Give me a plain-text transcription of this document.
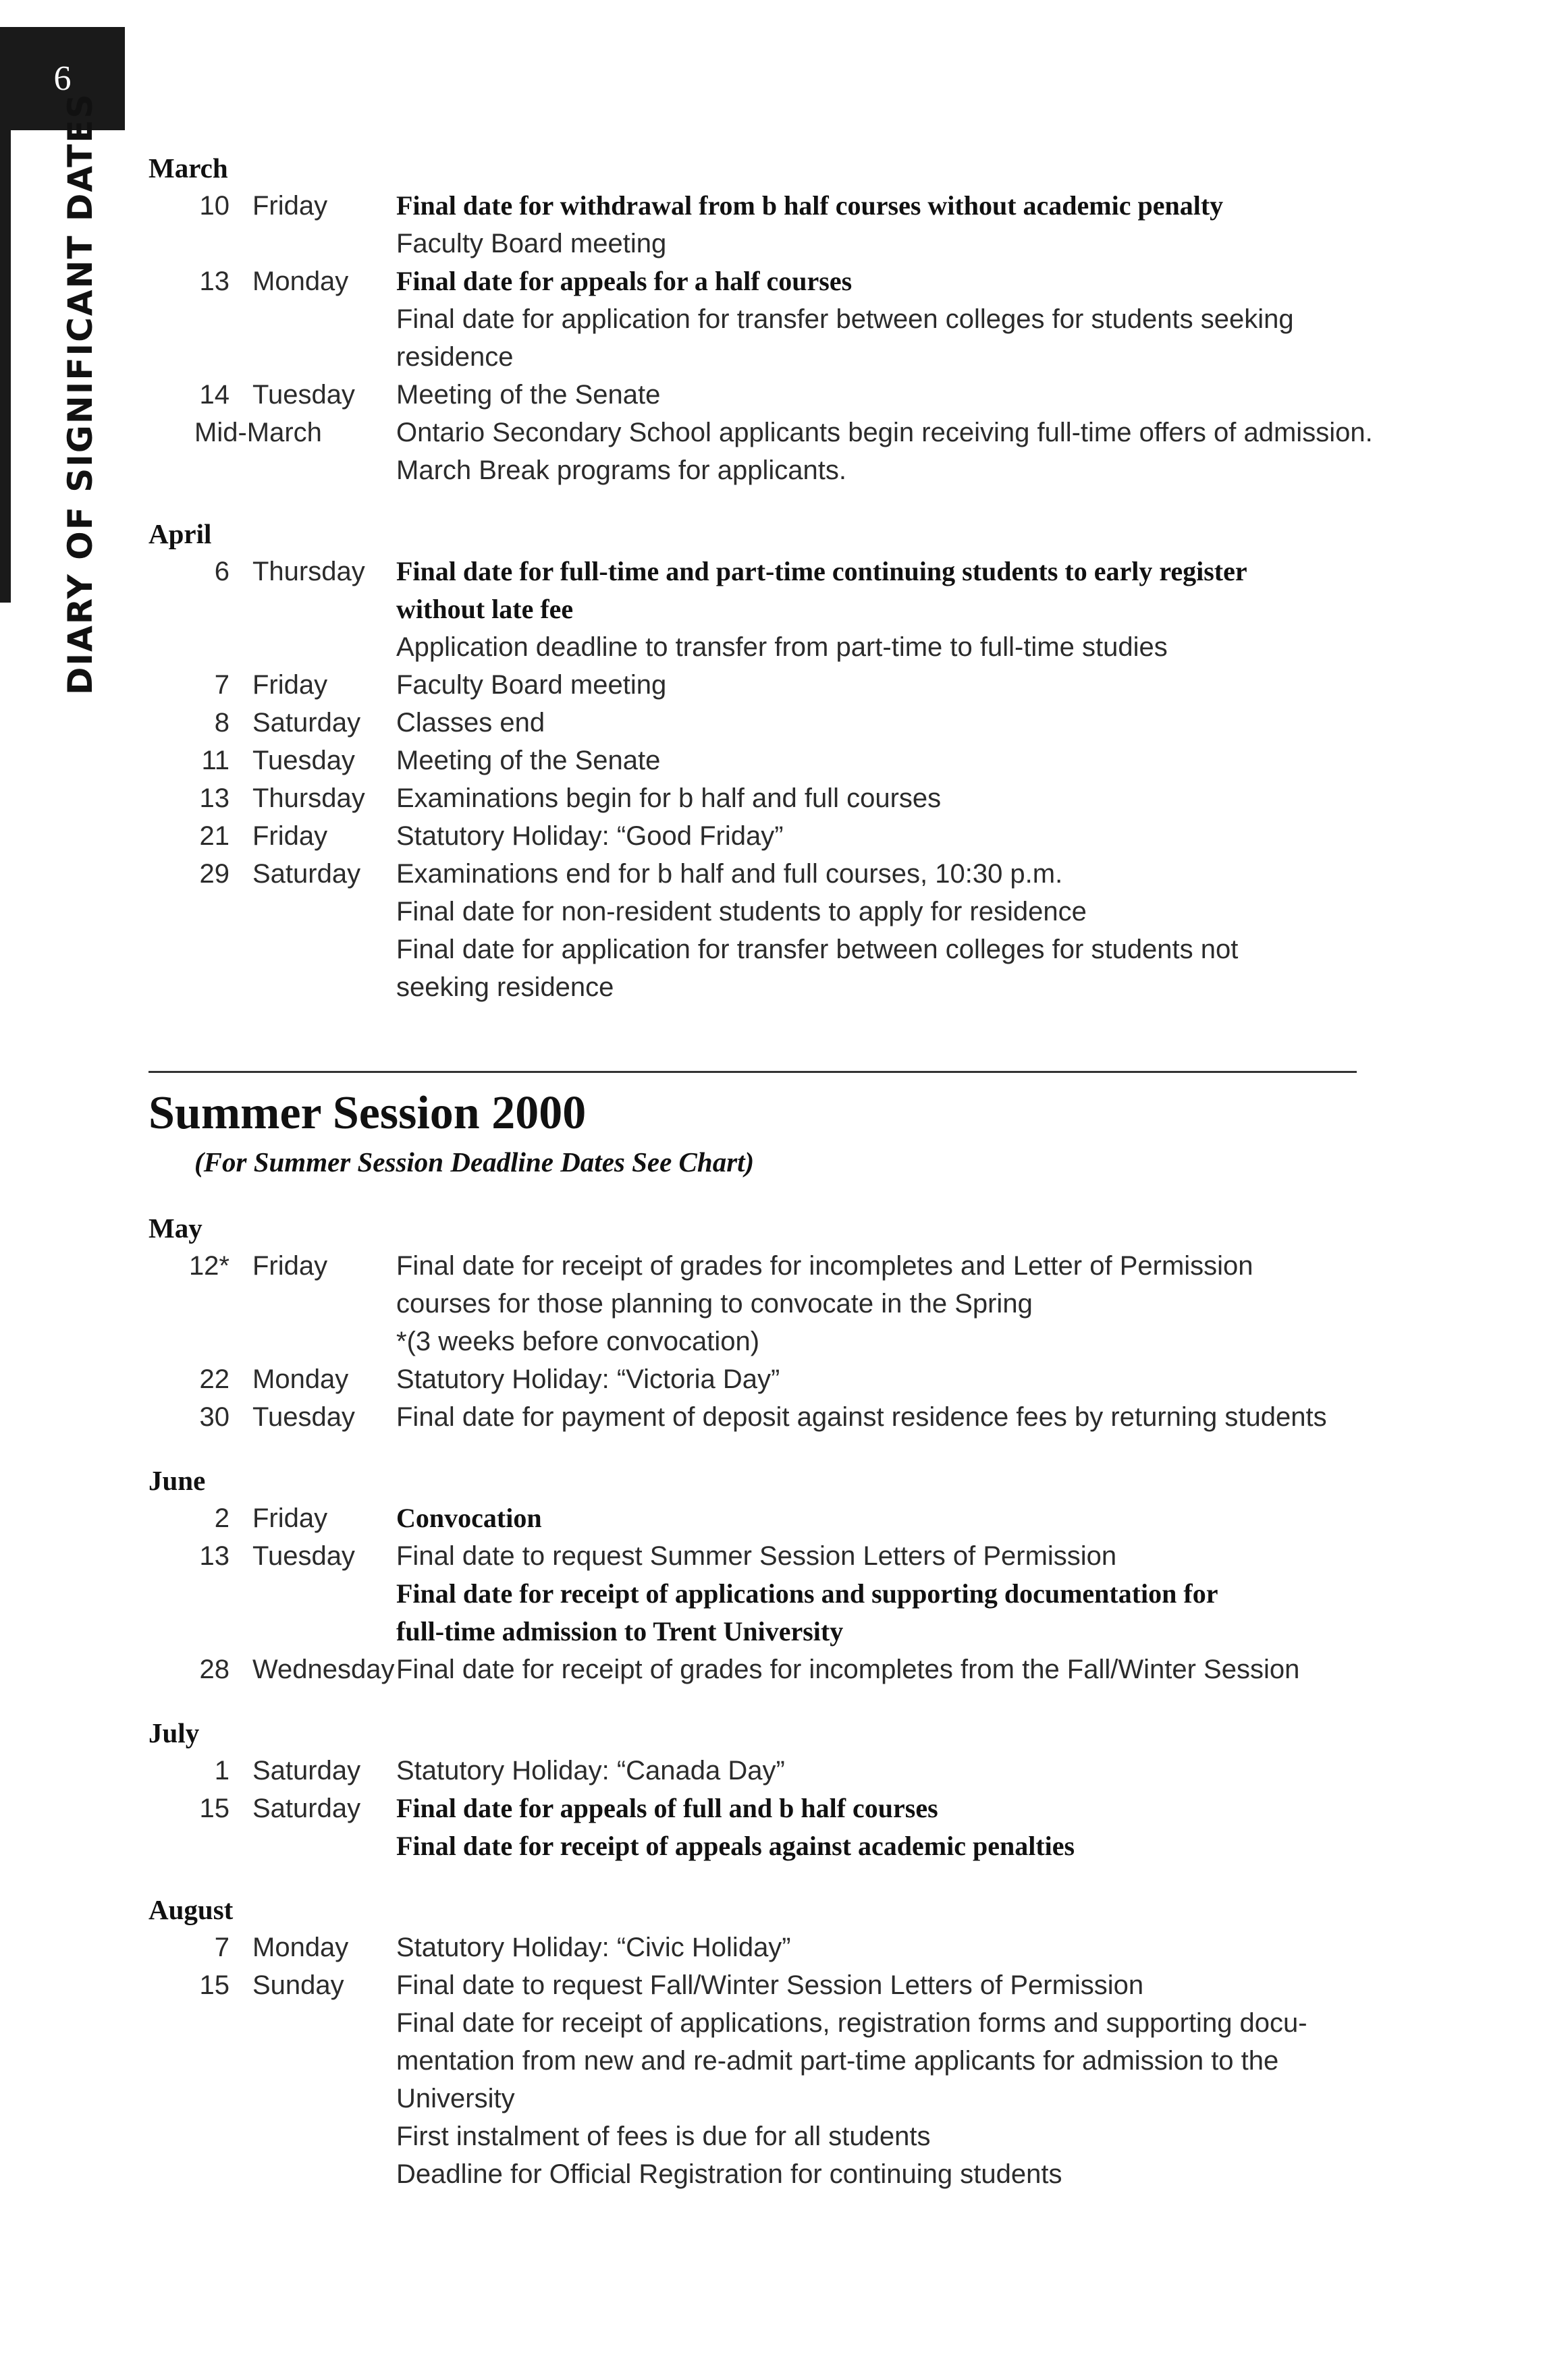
6
DIARY OF SIGNIFICANT DATES March
10 Friday	Final date for withdrawal from b half courses without academic penalty
Faculty Board meeting
13 Monday Final date for appeals for a half courses
Final date for application for transfer between colleges for students seeking
residence
14 Tuesday Meeting of the Senate
Mid-March	Ontario Secondary School applicants begin receiving full-time offers of admission.
March Break programs for applicants.
April
6 Thursday Final date for full-time and part-time continuing students to early register
without late fee
Application deadline to transfer from part-time to full-time studies
7 Friday	Faculty Board meeting
8 Saturday Classes end
11 Tuesday Meeting of the Senate
13 Thursday Examinations begin for b half and full courses
21 Friday	Statutory Holiday: “Good Friday”
29 Saturday Examinations end for b half and full courses, 10:30 p.m.
Final date for non-resident students to apply for residence
Final date for application for transfer between colleges for students not
seeking residence
Summer Session 2000
(For Summer Session Deadline Dates See Chart)
May
12* Friday	Final date for receipt of grades for incompletes and Letter of Permission
courses for those planning to convocate in the Spring
*(3 weeks before convocation)
22 Monday Statutory Holiday: “Victoria Day”
30 Tuesday Final date for payment of deposit against residence fees by returning students
June
2 Friday	Convocation
13 Tuesday Final date to request Summer Session Letters of Permission
Final date for receipt of applications and supporting documentation for
full-time admission to Trent University
28 Wednesday Final date for receipt of grades for incompletes from the Fall/Winter Session
July
1 Saturday Statutory Holiday: “Canada Day”
15 Saturday Final date for appeals of full and b half courses
Final date for receipt of appeals against academic penalties
August
7 Monday Statutory Holiday: “Civic Holiday”
15 Sunday Final date to request Fall/Winter Session Letters of Permission
Final date for receipt of applications, registration forms and supporting docu-
mentation from new and re-admit part-time applicants for admission to the
University
First instalment of fees is due for all students
Deadline for Official Registration for continuing students
